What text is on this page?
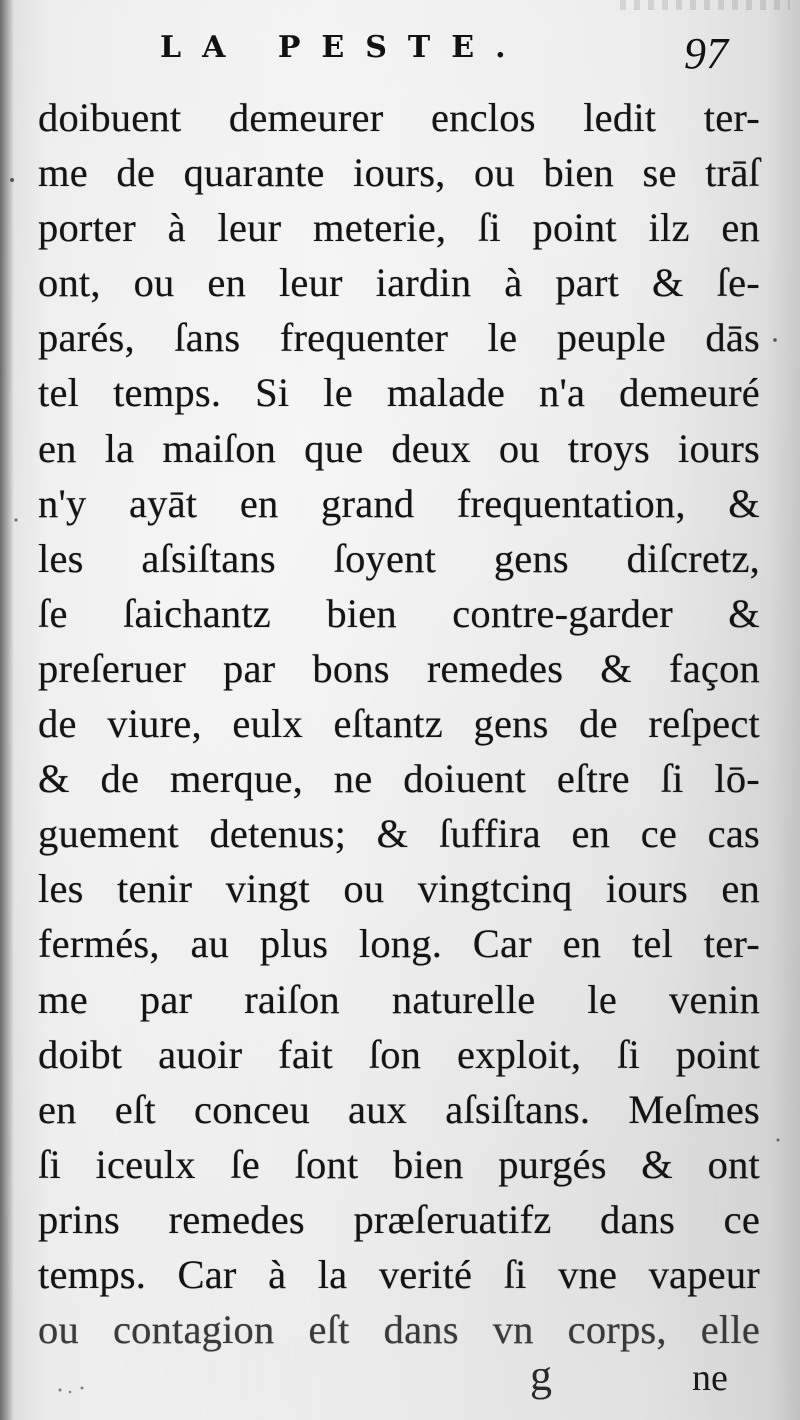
LA PESTE.	97
doibuent demeurer enclos ledit ter-
me de quarante iours, ou bien se trāſ
porter à leur meterie, ſi point ilz en
ont, ou en leur iardin à part & ſe-
parés, ſans frequenter le peuple dās
tel temps. Si le malade n'a demeuré
en la maiſon que deux ou troys iours
n'y ayāt en grand frequentation, &
les aſsiſtans ſoyent gens diſcretz,
ſe ſaichantz bien contre-garder &
preſeruer par bons remedes & façon
de viure, eulx eſtantz gens de reſpect
& de merque, ne doiuent eſtre ſi lō-
guement detenus; & ſuffira en ce cas
les tenir vingt ou vingtcinq iours en
fermés, au plus long. Car en tel ter-
me par raiſon naturelle le venin
doibt auoir fait ſon exploit, ſi point
en eſt conceu aux aſsiſtans. Meſmes
ſi iceulx ſe ſont bien purgés & ont
prins remedes præſeruatifz dans ce
temps. Car à la verité ſi vne vapeur
ou contagion eſt dans vn corps, elle
g	ne
